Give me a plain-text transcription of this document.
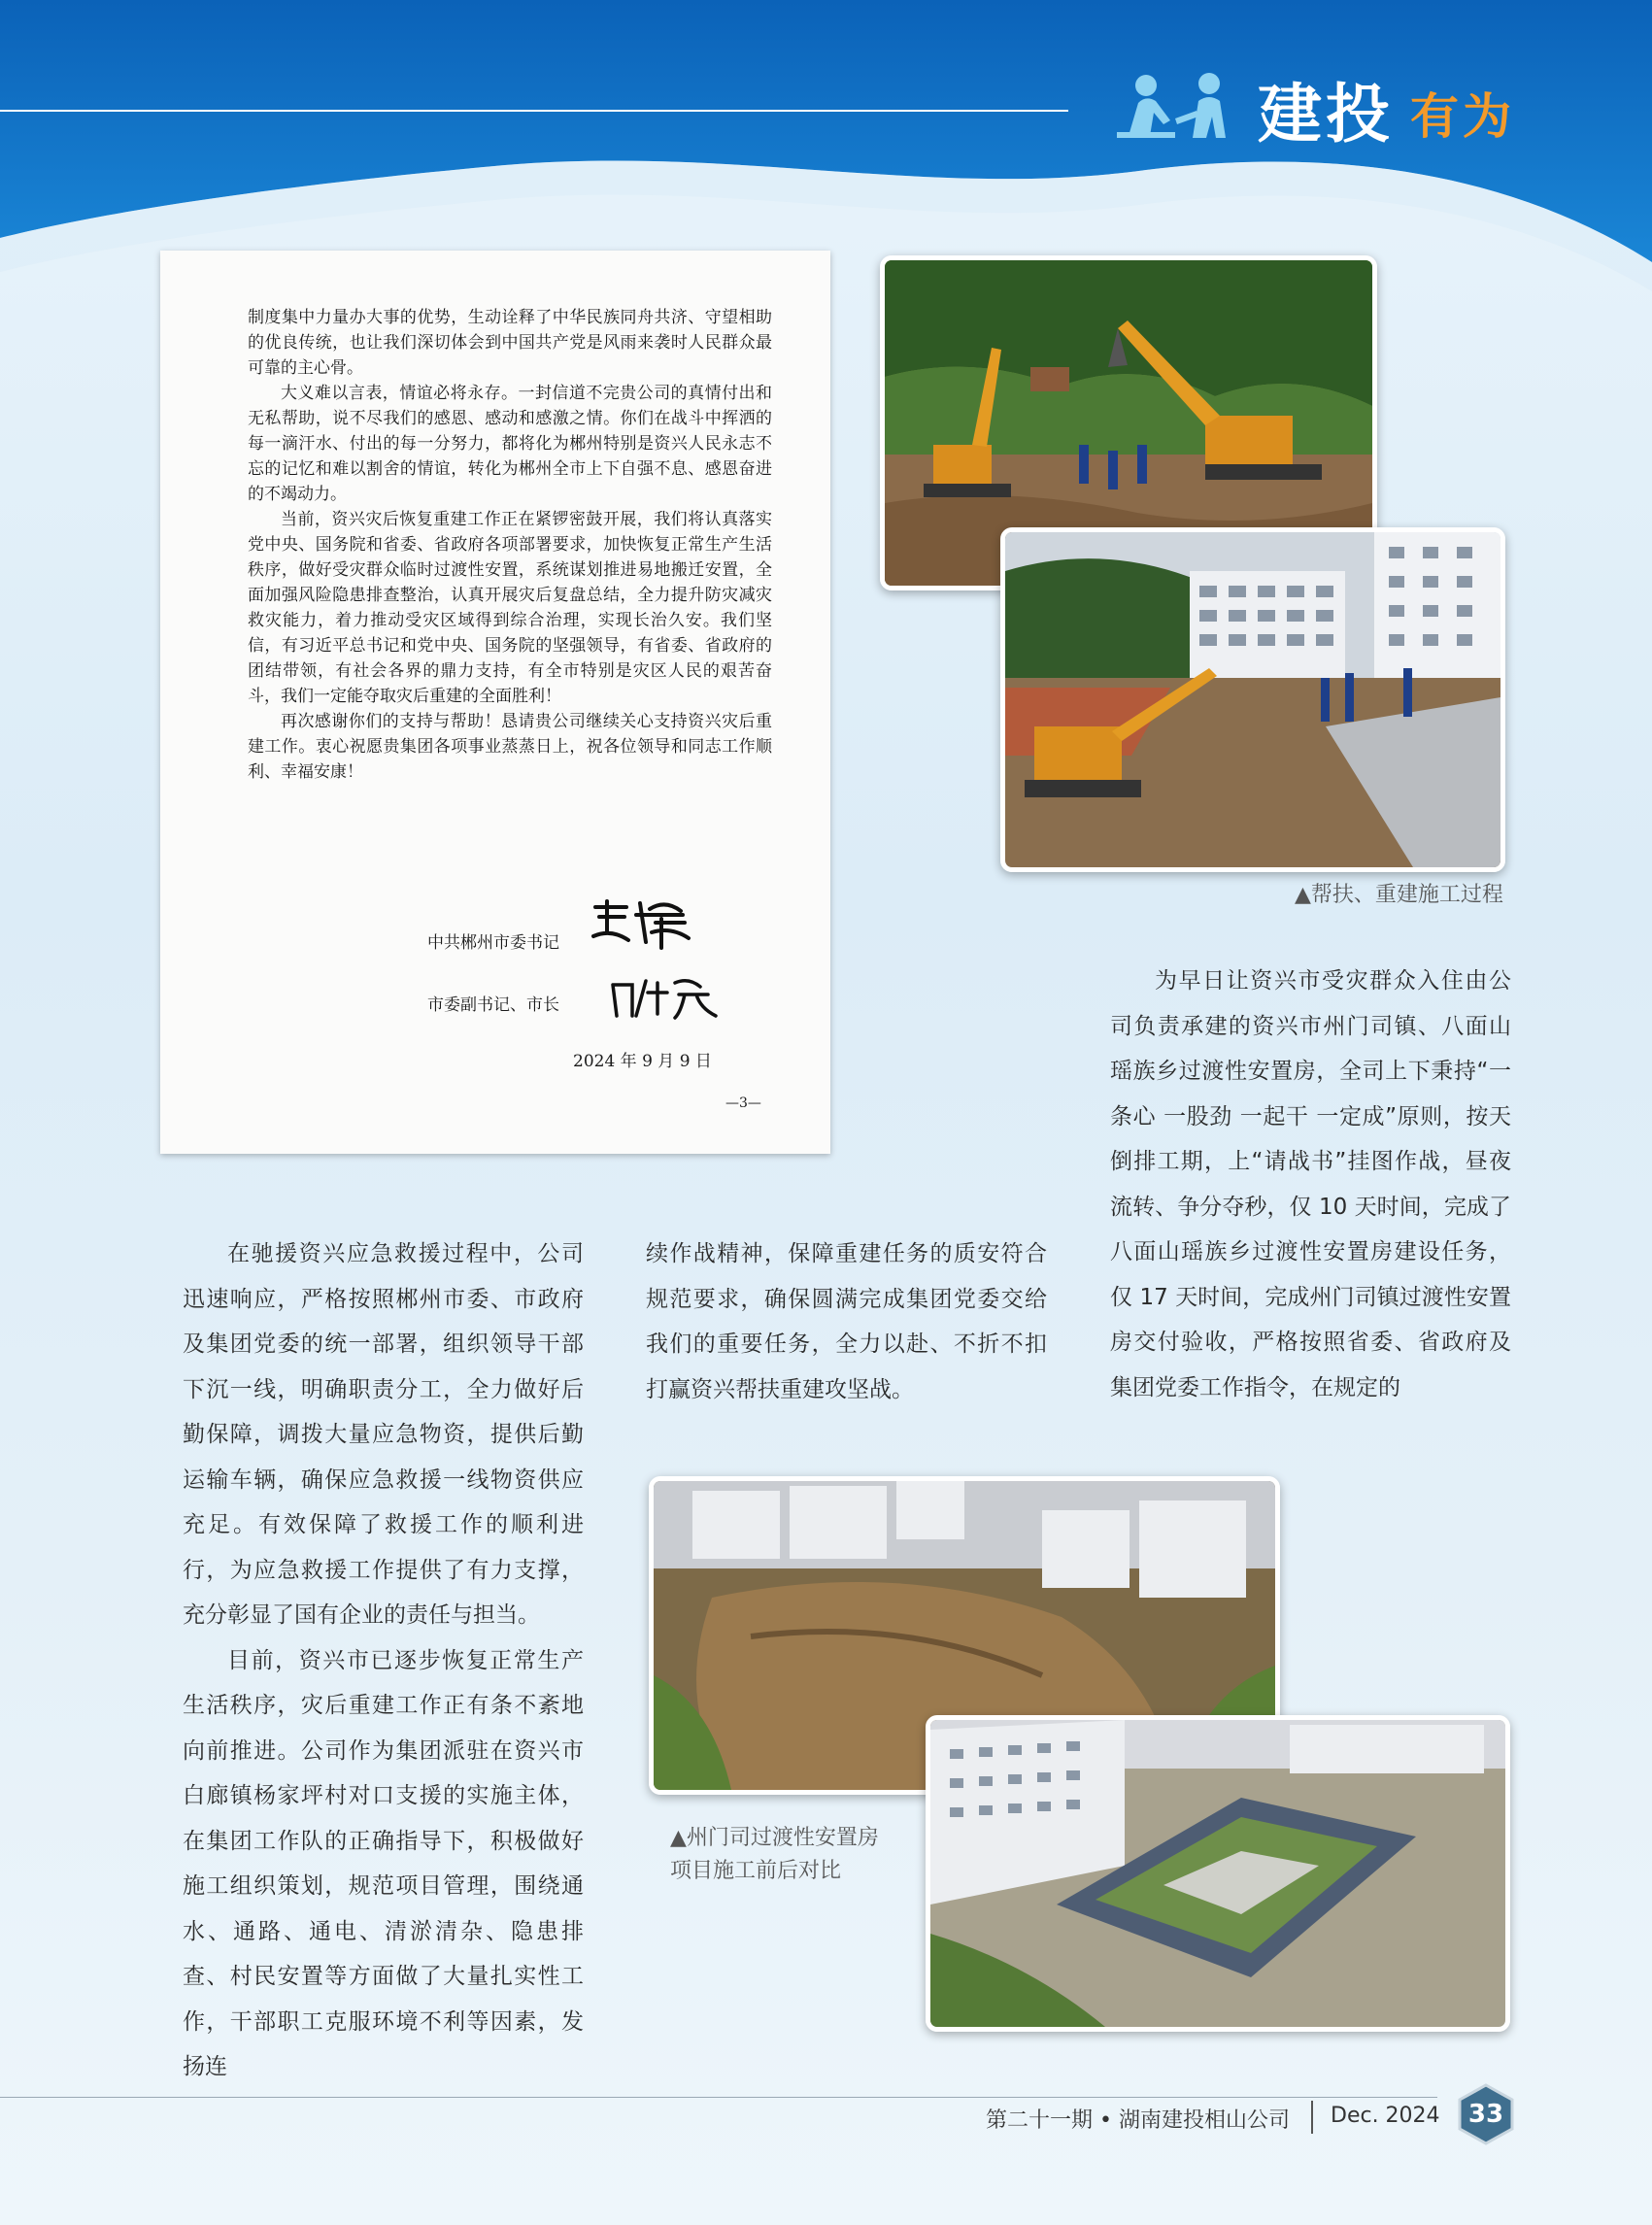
建投 有为

制度集中力量办大事的优势，生动诠释了中华民族同舟共济、守望相助的优良传统，也让我们深切体会到中国共产党是风雨来袭时人民群众最可靠的主心骨。

大义难以言表，情谊必将永存。一封信道不完贵公司的真情付出和无私帮助，说不尽我们的感恩、感动和感激之情。你们在战斗中挥洒的每一滴汗水、付出的每一分努力，都将化为郴州特别是资兴人民永志不忘的记忆和难以割舍的情谊，转化为郴州全市上下自强不息、感恩奋进的不竭动力。

当前，资兴灾后恢复重建工作正在紧锣密鼓开展，我们将认真落实党中央、国务院和省委、省政府各项部署要求，加快恢复正常生产生活秩序，做好受灾群众临时过渡性安置，系统谋划推进易地搬迁安置，全面加强风险隐患排查整治，认真开展灾后复盘总结，全力提升防灾减灾救灾能力，着力推动受灾区域得到综合治理，实现长治久安。我们坚信，有习近平总书记和党中央、国务院的坚强领导，有省委、省政府的团结带领，有社会各界的鼎力支持，有全市特别是灾区人民的艰苦奋斗，我们一定能夺取灾后重建的全面胜利！

再次感谢你们的支持与帮助！恳请贵公司继续关心支持资兴灾后重建工作。衷心祝愿贵集团各项事业蒸蒸日上，祝各位领导和同志工作顺利、幸福安康！

中共郴州市委书记
市委副书记、市长
2024 年 9 月 9 日
—3—
▲帮扶、重建施工过程

为早日让资兴市受灾群众入住由公司负责承建的资兴市州门司镇、八面山瑶族乡过渡性安置房，全司上下秉持“一条心 一股劲 一起干 一定成”原则，按天倒排工期，上“请战书”挂图作战，昼夜流转、争分夺秒，仅 10 天时间，完成了八面山瑶族乡过渡性安置房建设任务，仅 17 天时间，完成州门司镇过渡性安置房交付验收，严格按照省委、省政府及集团党委工作指令，在规定的

在驰援资兴应急救援过程中，公司迅速响应，严格按照郴州市委、市政府及集团党委的统一部署，组织领导干部下沉一线，明确职责分工，全力做好后勤保障，调拨大量应急物资，提供后勤运输车辆，确保应急救援一线物资供应充足。有效保障了救援工作的顺利进行，为应急救援工作提供了有力支撑，充分彰显了国有企业的责任与担当。

目前，资兴市已逐步恢复正常生产生活秩序，灾后重建工作正有条不紊地向前推进。公司作为集团派驻在资兴市白廊镇杨家坪村对口支援的实施主体，在集团工作队的正确指导下，积极做好施工组织策划，规范项目管理，围绕通水、通路、通电、清淤清杂、隐患排查、村民安置等方面做了大量扎实性工作，干部职工克服环境不利等因素，发扬连

续作战精神，保障重建任务的质安符合规范要求，确保圆满完成集团党委交给我们的重要任务，全力以赴、不折不扣打赢资兴帮扶重建攻坚战。

▲州门司过渡性安置房
项目施工前后对比
第二十一期 • 湖南建投相山公司 Dec. 2024	33
